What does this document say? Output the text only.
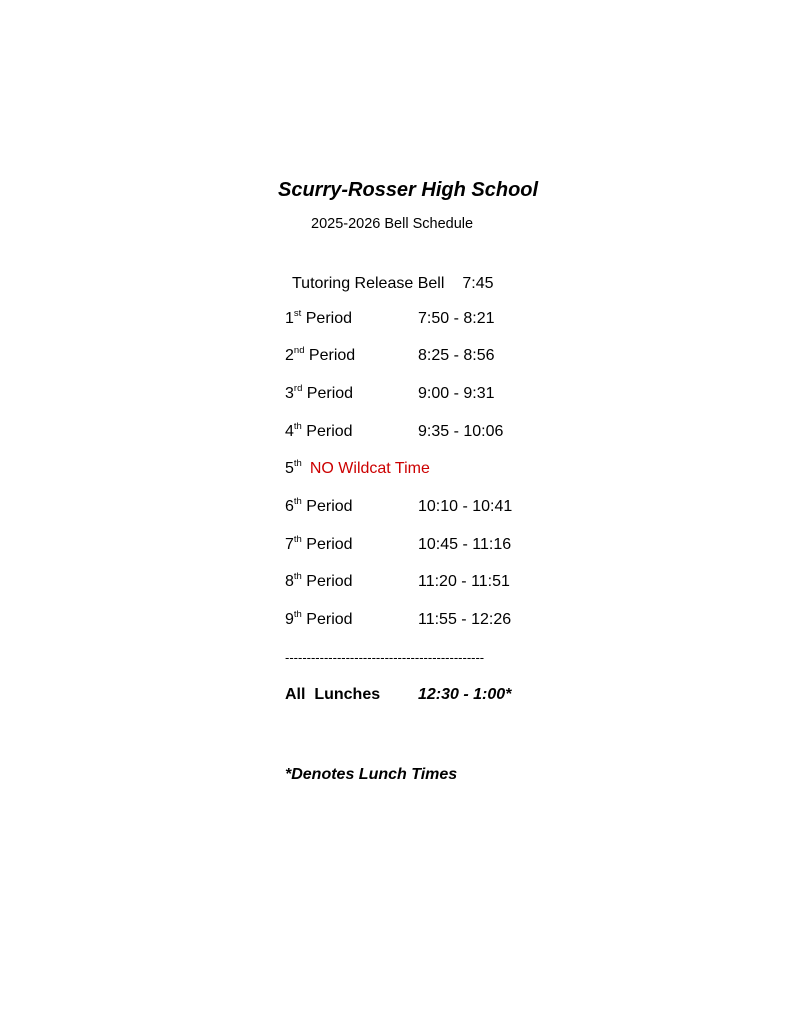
Scurry-Rosser High School
2025-2026 Bell Schedule
Tutoring Release Bell 7:45
1st Period	7:50 - 8:21
2nd Period	8:25 - 8:56
3rd Period	9:00 - 9:31
4th Period	9:35 - 10:06
5th NO Wildcat Time
6th Period	10:10 - 10:41
7th Period	10:45 - 11:16
8th Period	11:20 - 11:51
9th Period	11:55 - 12:26
----------------------------------------------
All  Lunches 12:30 - 1:00*
*Denotes Lunch Times
